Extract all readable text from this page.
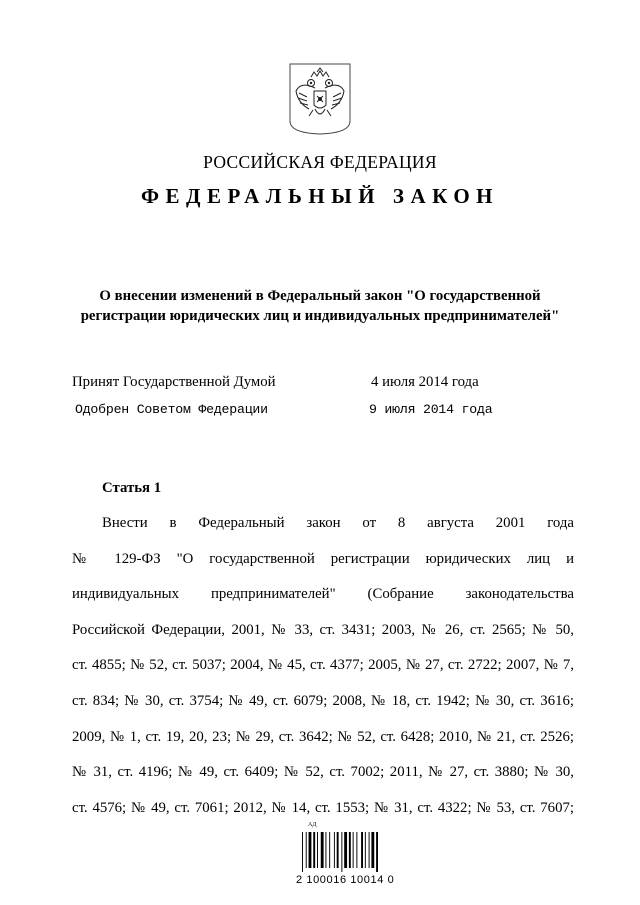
РОССИЙСКАЯ ФЕДЕРАЦИЯ
ФЕДЕРАЛЬНЫЙ ЗАКОН
О внесении изменений в Федеральный закон "О государственной
регистрации юридических лиц и индивидуальных предпринимателей"
Принят Государственной Думой	4 июля 2014 года
Одобрен Советом Федерации	9 июля 2014 года
Статья 1
Внести в Федеральный закон от 8 августа 2001 года
№ 129-ФЗ "О государственной регистрации юридических лиц и
индивидуальных предпринимателей" (Собрание законодательства
Российской Федерации, 2001, № 33, ст. 3431; 2003, № 26, ст. 2565; № 50,
ст. 4855; № 52, ст. 5037; 2004, № 45, ст. 4377; 2005, № 27, ст. 2722; 2007, № 7,
ст. 834; № 30, ст. 3754; № 49, ст. 6079; 2008, № 18, ст. 1942; № 30, ст. 3616;
2009, № 1, ст. 19, 20, 23; № 29, ст. 3642; № 52, ст. 6428; 2010, № 21, ст. 2526;
№ 31, ст. 4196; № 49, ст. 6409; № 52, ст. 7002; 2011, № 27, ст. 3880; № 30,
ст. 4576; № 49, ст. 7061; 2012, № 14, ст. 1553; № 31, ст. 4322; № 53, ст. 7607;
АД
2 100016 10014 0
